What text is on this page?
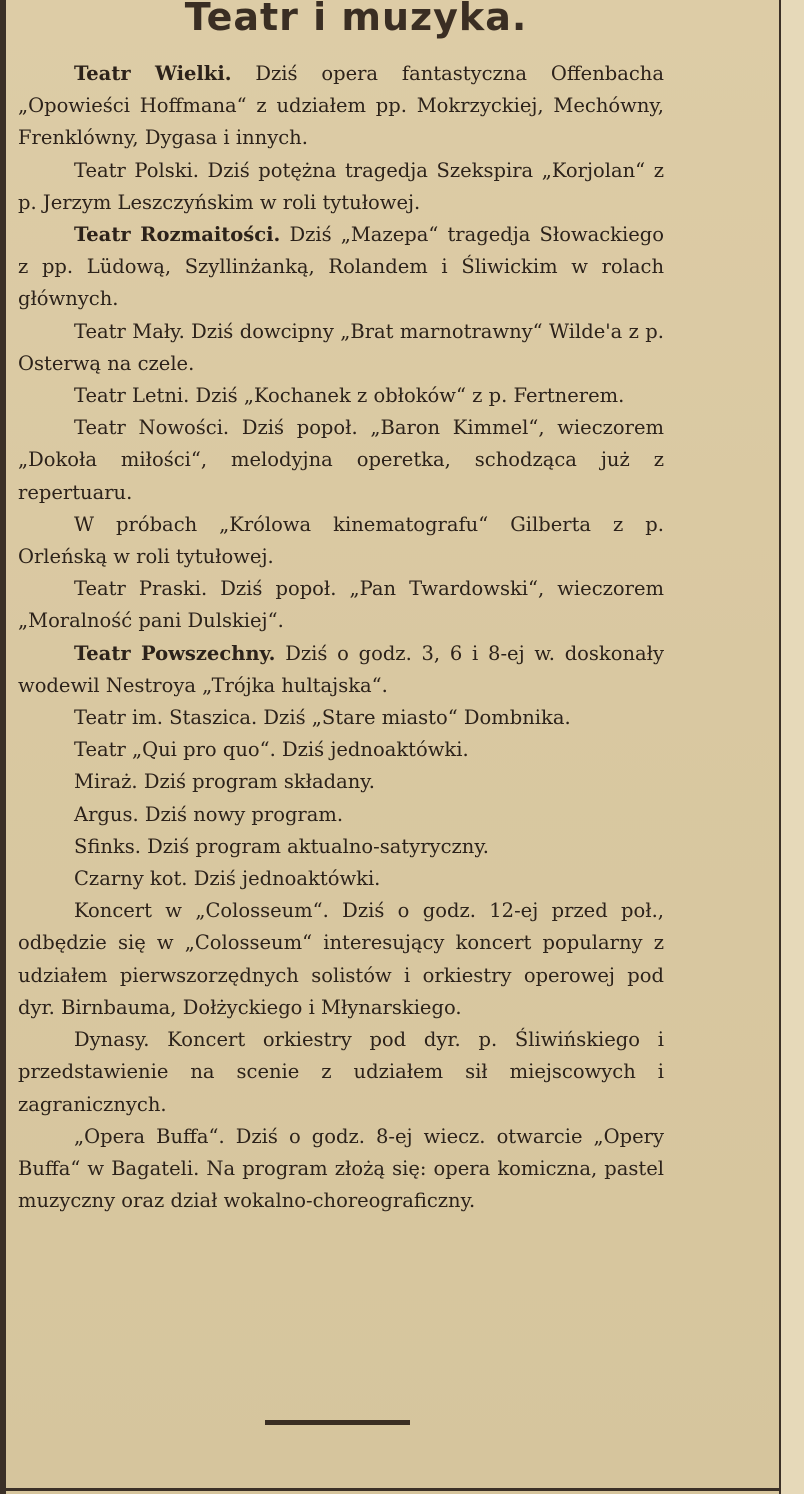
Teatr i muzyka.

Teatr Wielki. Dziś opera fantastyczna Offenbacha „Opowieści Hoffmana“ z udziałem pp. Mokrzyckiej, Mechówny, Frenklówny, Dygasa i innych.

Teatr Polski. Dziś potężna tragedja Szekspira „Korjolan“ z p. Jerzym Leszczyńskim w roli tytułowej.

Teatr Rozmaitości. Dziś „Mazepa“ tragedja Słowackiego z pp. Lüdową, Szyllinżanką, Rolandem i Śliwickim w rolach głównych.

Teatr Mały. Dziś dowcipny „Brat marnotrawny“ Wilde'a z p. Osterwą na czele.

Teatr Letni. Dziś „Kochanek z obłoków“ z p. Fertnerem.

Teatr Nowości. Dziś popoł. „Baron Kimmel“, wieczorem „Dokoła miłości“, melodyjna operetka, schodząca już z repertuaru.

W próbach „Królowa kinematografu“ Gilberta z p. Orleńską w roli tytułowej.

Teatr Praski. Dziś popoł. „Pan Twardowski“, wieczorem „Moralność pani Dulskiej“.

Teatr Powszechny. Dziś o godz. 3, 6 i 8-ej w. doskonały wodewil Nestroya „Trójka hultajska“.

Teatr im. Staszica. Dziś „Stare miasto“ Dombnika.

Teatr „Qui pro quo“. Dziś jednoaktówki.

Miraż. Dziś program składany.

Argus. Dziś nowy program.

Sfinks. Dziś program aktualno-satyryczny.

Czarny kot. Dziś jednoaktówki.

Koncert w „Colosseum“. Dziś o godz. 12-ej przed poł., odbędzie się w „Colosseum“ interesujący koncert popularny z udziałem pierwszorzędnych solistów i orkiestry operowej pod dyr. Birnbauma, Dołżyckiego i Młynarskiego.

Dynasy. Koncert orkiestry pod dyr. p. Śliwińskiego i przedstawienie na scenie z udziałem sił miejscowych i zagranicznych.

„Opera Buffa“. Dziś o godz. 8-ej wiecz. otwarcie „Opery Buffa“ w Bagateli. Na program złożą się: opera komiczna, pastel muzyczny oraz dział wokalno-choreograficzny.
